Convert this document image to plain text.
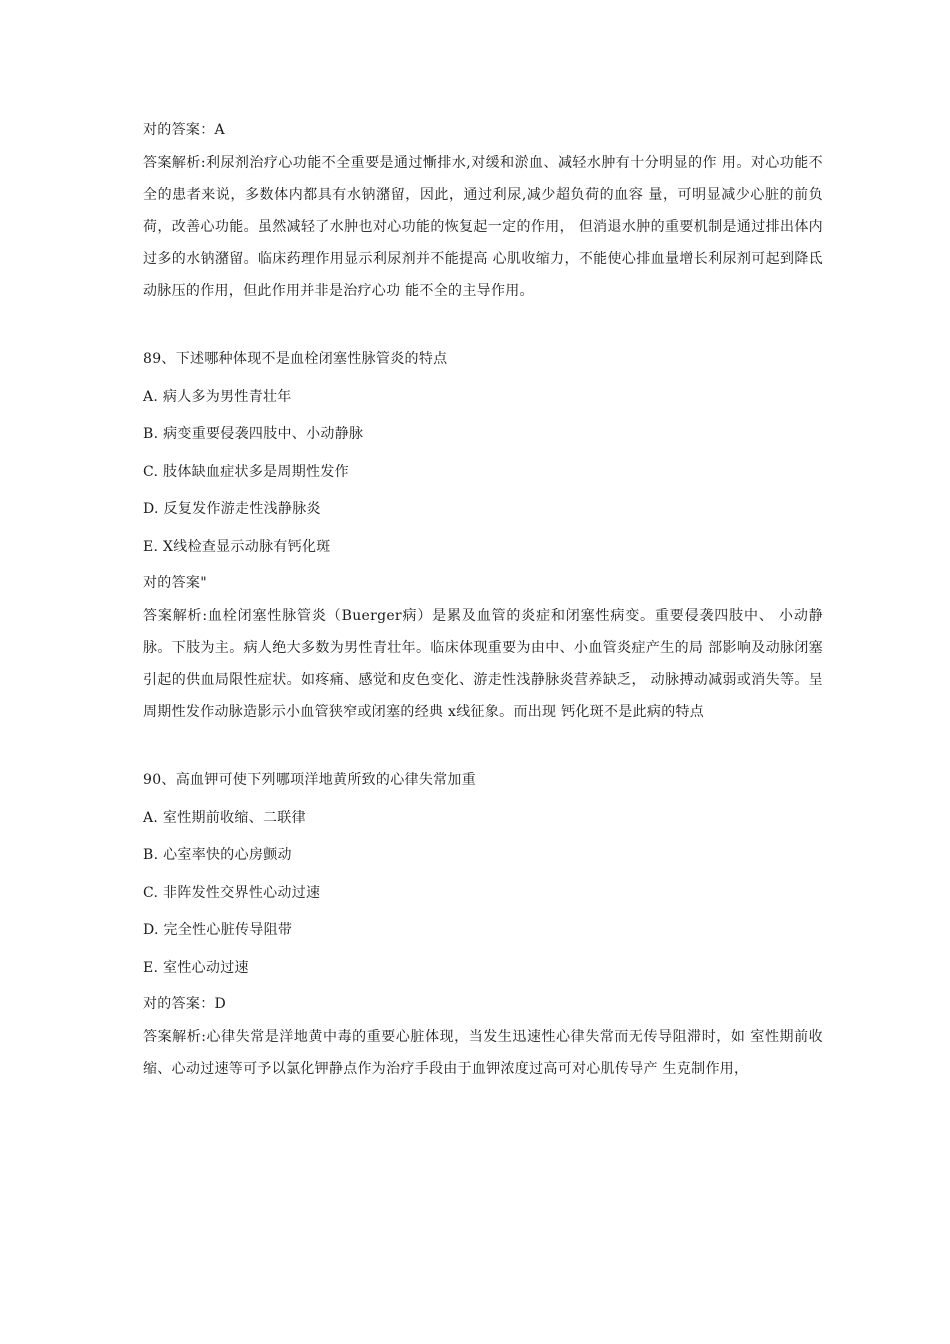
对的答案：A
答案解析:利尿剂治疗心功能不全重要是通过慚排水,对缓和淤血、减轻水肿有十分明显的作 用。对心功能不全的患者来说，多数体内都具有水钠潴留，因此，通过利尿,减少超负荷的血容 量，可明显减少心脏的前负荷，改善心功能。虽然减轻了水肿也对心功能的恢复起一定的作用， 但消退水肿的重要机制是通过排出体内过多的水钠潴留。临床药理作用显示利尿剂并不能提高 心肌收缩力，不能使心排血量增长利尿剂可起到降氐动脉压的作用，但此作用并非是治疗心功 能不全的主导作用。
89、下述哪种体现不是血栓闭塞性脉管炎的特点
A. 病人多为男性青壮年
B. 病变重要侵袭四肢中、小动静脉
C. 肢体缺血症状多是周期性发作
D. 反复发作游走性浅静脉炎
E. X线检查显示动脉有钙化斑
对的答案"
答案解析:血栓闭塞性脉管炎（Buerger病）是累及血管的炎症和闭塞性病变。重要侵袭四肢中、 小动静脉。下肢为主。病人绝大多数为男性青壮年。临床体现重要为由中、小血管炎症产生的局 部影响及动脉闭塞引起的供血局限性症状。如疼痛、感觉和皮色变化、游走性浅静脉炎营养缺乏， 动脉搏动减弱或消失等。呈周期性发作动脉造影示小血管狭窄或闭塞的经典 x线征象。而出现 钙化斑不是此病的特点
90、高血钾可使下列哪项洋地黄所致的心律失常加重
A. 室性期前收缩、二联律
B. 心室率快的心房颤动
C. 非阵发性交界性心动过速
D. 完全性心脏传导阻带
E. 室性心动过速
对的答案：D
答案解析:心律失常是洋地黄中毒的重要心脏体现，当发生迅速性心律失常而无传导阻滞时，如 室性期前收缩、心动过速等可予以氯化钾静点作为治疗手段由于血钾浓度过高可对心肌传导产 生克制作用，
